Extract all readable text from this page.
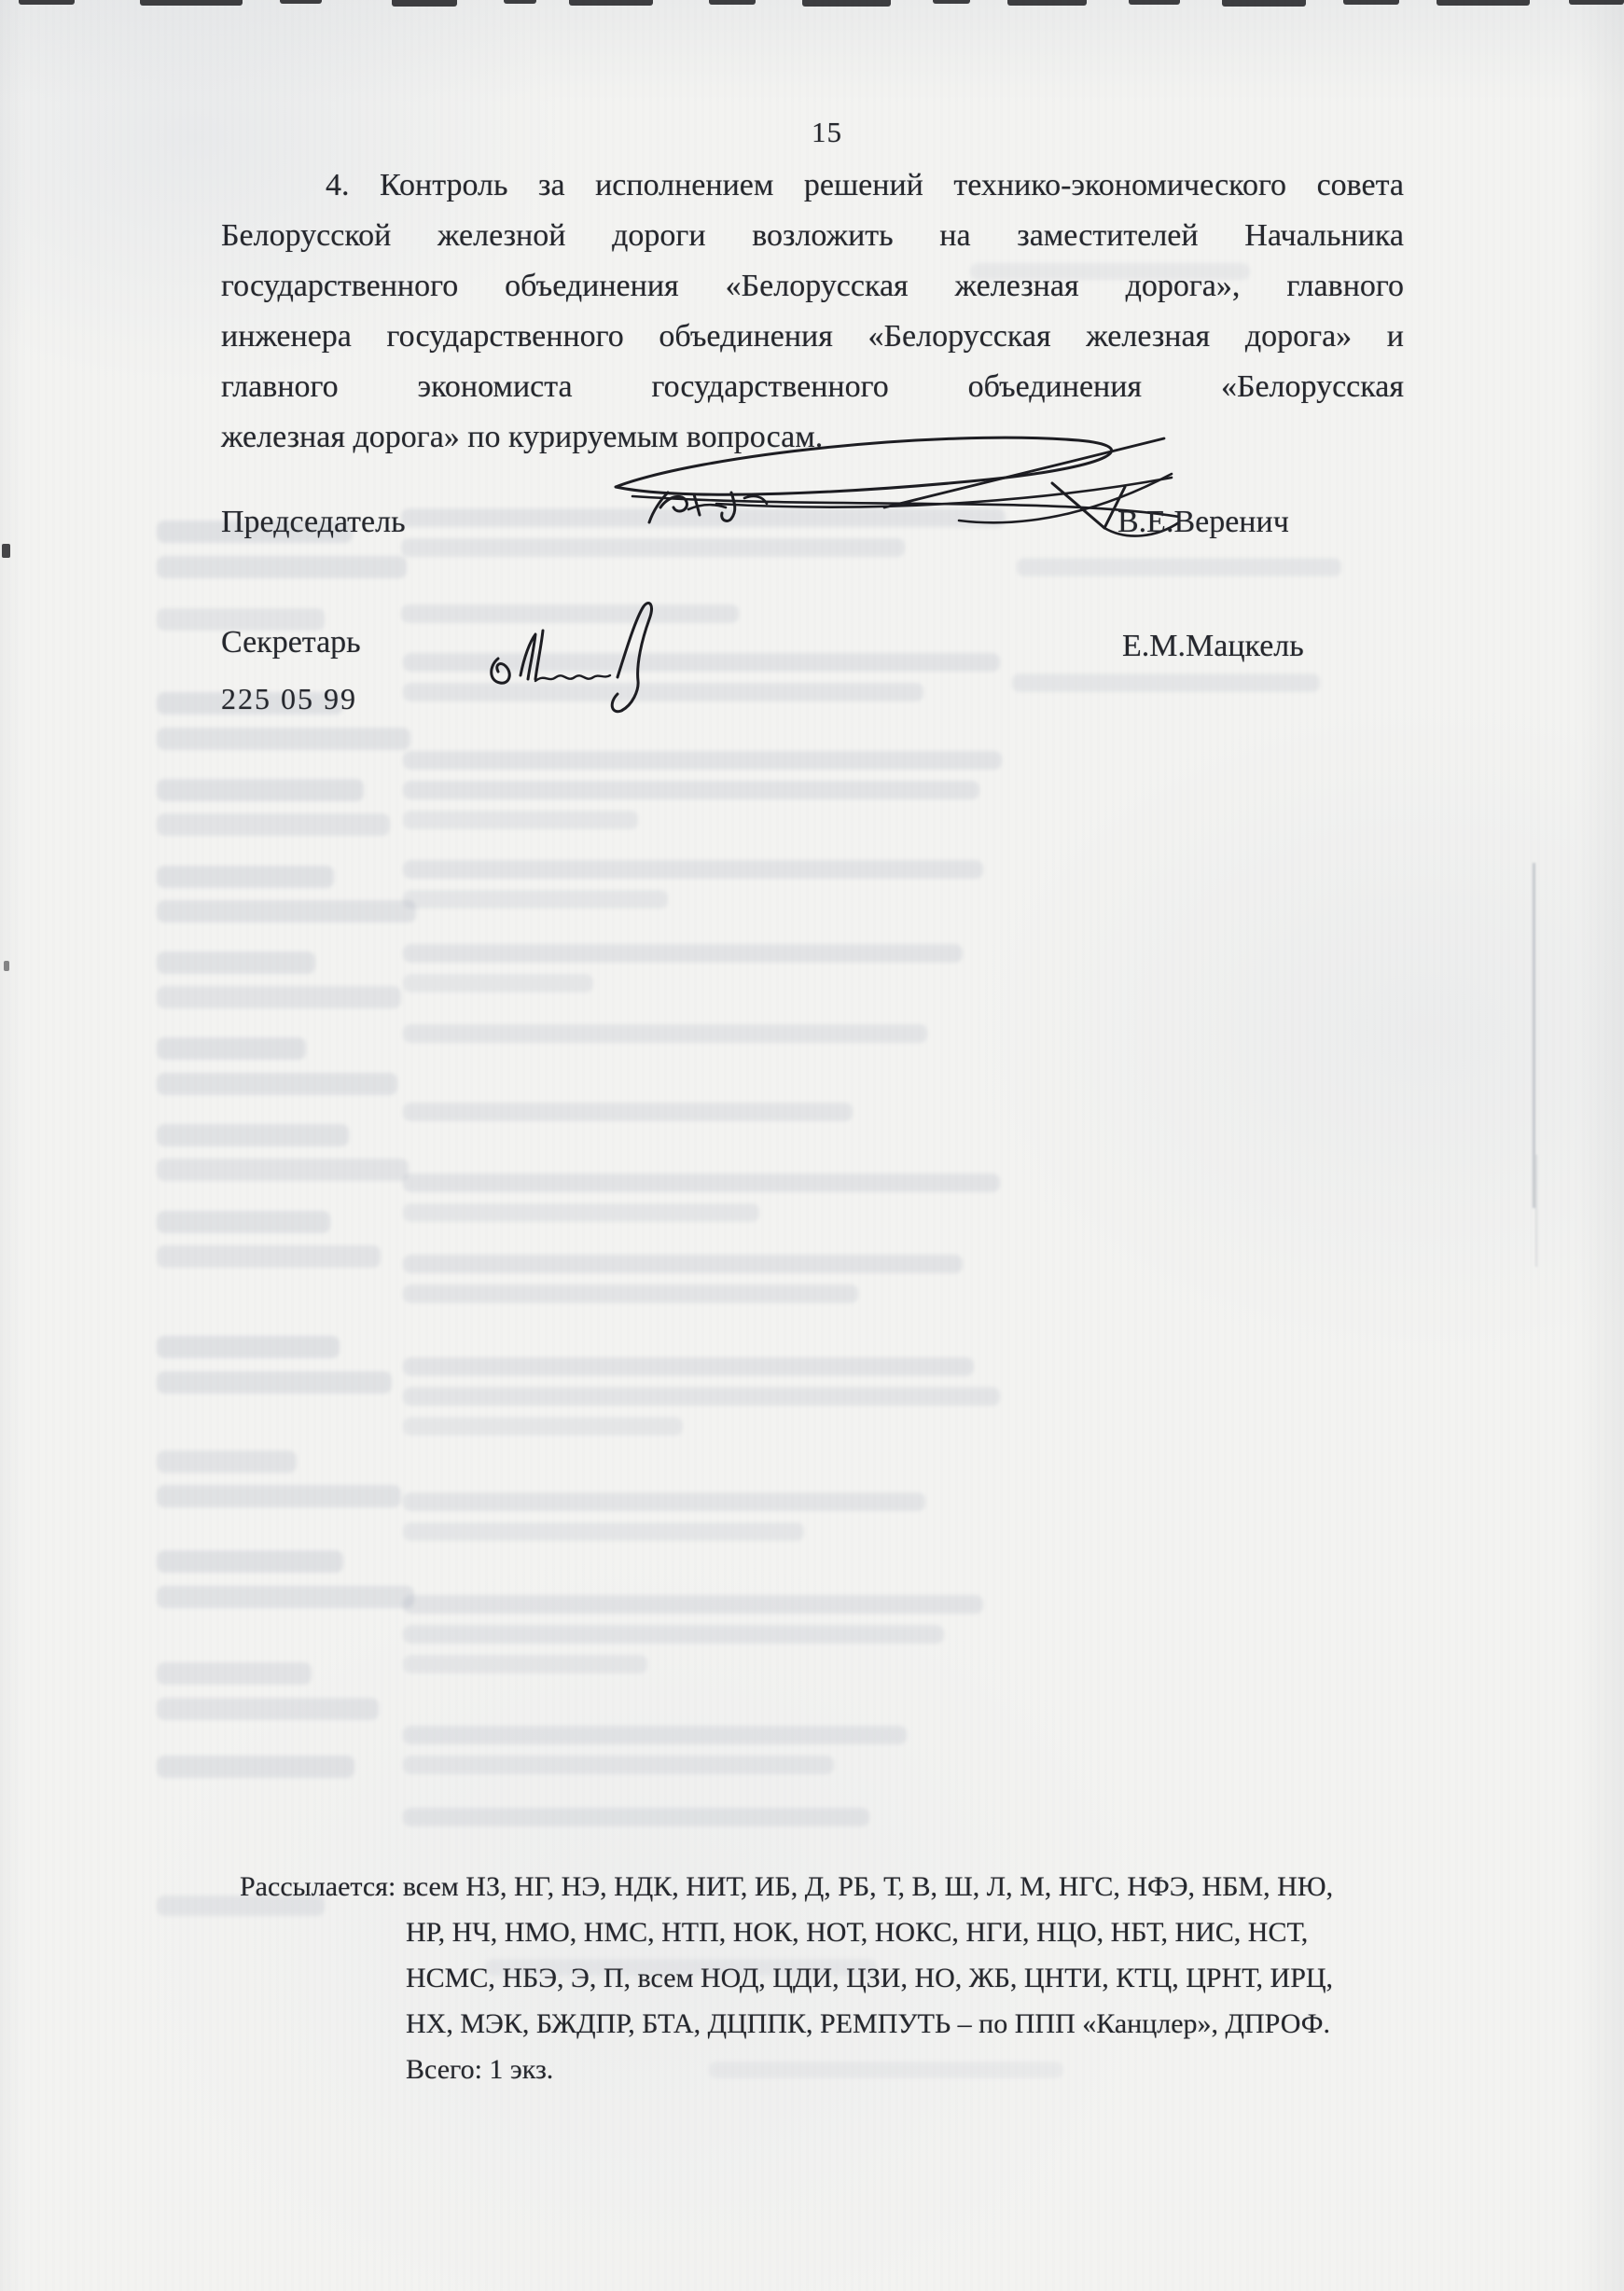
15
4. Контроль за исполнением решений технико-экономического совета
Белорусской железной дороги возложить на заместителей Начальника
государственного объединения «Белорусская железная дорога», главного
инженера государственного объединения «Белорусская железная дорога» и
главного экономиста государственного объединения «Белорусская
железная дорога» по курируемым вопросам.
Председатель	В.Е.Веренич
Секретарь	Е.М.Мацкель
225 05 99
Рассылается: всем НЗ, НГ, НЭ, НДК, НИТ, ИБ, Д, РБ, Т, В, Ш, Л, М, НГС, НФЭ, НБМ, НЮ,
НР, НЧ, НМО, НМС, НТП, НОК, НОТ, НОКС, НГИ, НЦО, НБТ, НИС, НСТ,
НСМС, НБЭ, Э, П, всем НОД, ЦДИ, ЦЗИ, НО, ЖБ, ЦНТИ, КТЦ, ЦРНТ, ИРЦ,
НХ, МЭК, БЖДПР, БТА, ДЦППК, РЕМПУТЬ – по ППП «Канцлер», ДПРОФ.
Всего: 1 экз.
